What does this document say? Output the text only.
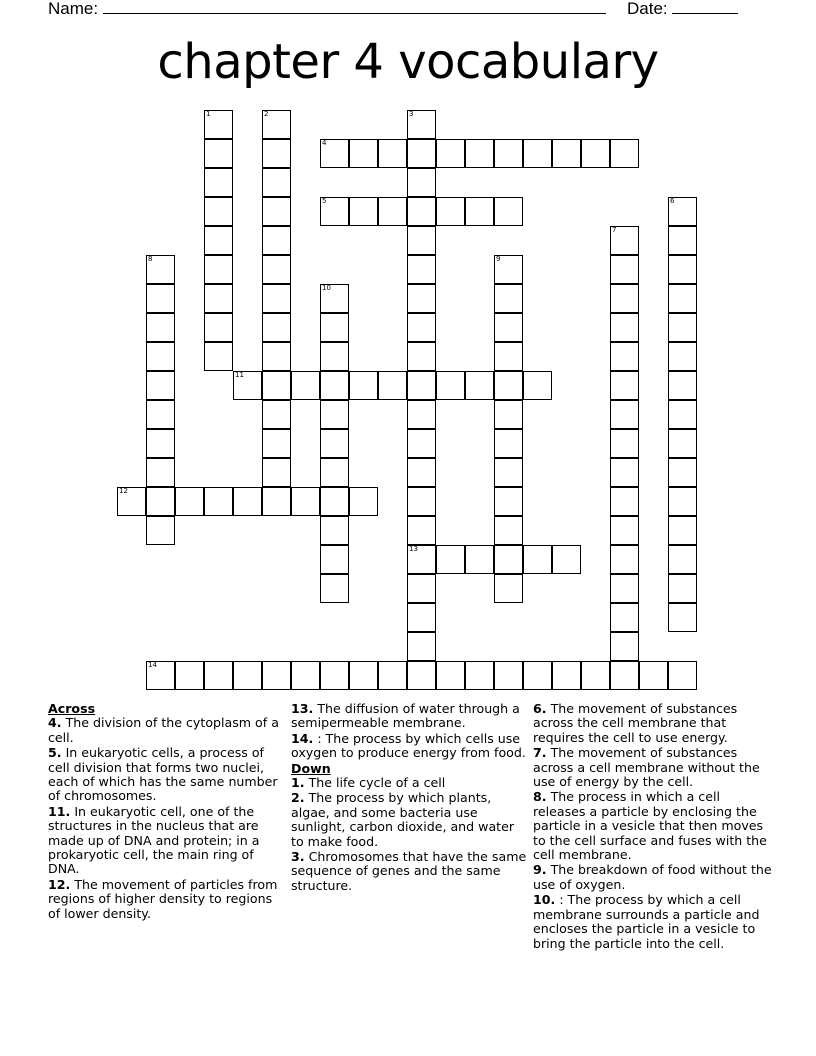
Name:	Date:
chapter 4 vocabulary
1	2	3
13
4
5	6
7
8	9
10
11
12
14

Across

4. The division of the cytoplasm of a cell.

5. In eukaryotic cells, a process of cell division that forms two nuclei, each of which has the same number of chromosomes.

11. In eukaryotic cell, one of the structures in the nucleus that are made up of DNA and protein; in a prokaryotic cell, the main ring of DNA.

12. The movement of particles from regions of higher density to regions of lower density.

13. The diffusion of water through a semipermeable membrane.

14. : The process by which cells use oxygen to produce energy from food.

Down

1. The life cycle of a cell

2. The process by which plants, algae, and some bacteria use sunlight, carbon dioxide, and water to make food.

3. Chromosomes that have the same sequence of genes and the same structure.

6. The movement of substances across the cell membrane that requires the cell to use energy.

7. The movement of substances across a cell membrane without the use of energy by the cell.

8. The process in which a cell releases a particle by enclosing the particle in a vesicle that then moves to the cell surface and fuses with the cell membrane.

9. The breakdown of food without the use of oxygen.

10. : The process by which a cell membrane surrounds a particle and encloses the particle in a vesicle to bring the particle into the cell.
